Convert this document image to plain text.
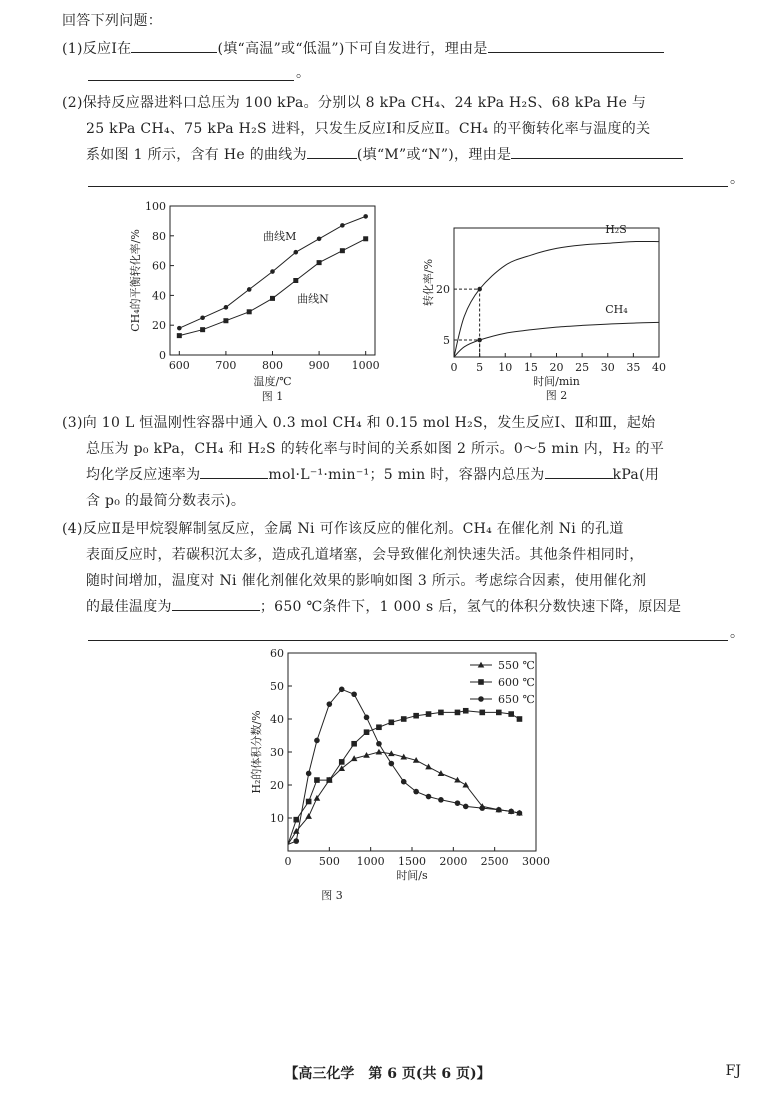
回答下列问题：
(1)反应Ⅰ在	(填“高温”或“低温”)下可自发进行，理由是
。
(2)保持反应器进料口总压为 100 kPa。分别以 8 kPa CH₄、24 kPa H₂S、68 kPa He 与
25 kPa CH₄、75 kPa H₂S 进料，只发生反应Ⅰ和反应Ⅱ。CH₄ 的平衡转化率与温度的关
系如图 1 所示，含有 He 的曲线为	(填“M”或“N”)，理由是
。
600 700 800 900 1000
0
20
40
60
80
100
温度/℃
图 1
CH₄的平衡转化率/%	曲线M
曲线N
0 5 10 15 20 25 30 35 40
5
20
H₂S
CH₄
时间/min
图 2
转化率/%
(3)向 10 L 恒温刚性容器中通入 0.3 mol CH₄ 和 0.15 mol H₂S，发生反应Ⅰ、Ⅱ和Ⅲ，起始
总压为 p₀ kPa，CH₄ 和 H₂S 的转化率与时间的关系如图 2 所示。0～5 min 内，H₂ 的平
均化学反应速率为	mol·L⁻¹·min⁻¹；5 min 时，容器内总压为	kPa(用
含 p₀ 的最简分数表示)。
(4)反应Ⅱ是甲烷裂解制氢反应，金属 Ni 可作该反应的催化剂。CH₄ 在催化剂 Ni 的孔道
表面反应时，若碳积沉太多，造成孔道堵塞，会导致催化剂快速失活。其他条件相同时，
随时间增加，温度对 Ni 催化剂催化效果的影响如图 3 所示。考虑综合因素，使用催化剂
的最佳温度为	；650 ℃条件下，1 000 s 后，氢气的体积分数快速下降，原因是
。
0 500 1000 1500 2000 2500 3000
10
20
30
40
50
60
时间/s
图 3
H₂的体积分数/%
550 ℃
600 ℃
650 ℃
【高三化学　第 6 页(共 6 页)】	FJ
